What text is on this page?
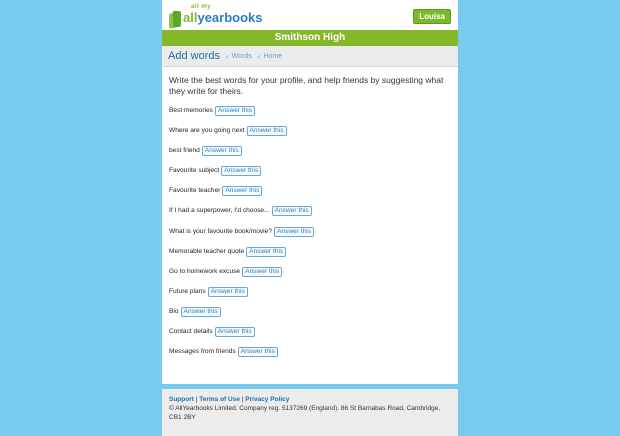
all my
allyearbooks	Louisa
Smithson High
Add words ‹ Words ‹ Home

Write the best words for your profile, and help friends by suggesting what they write for theirs.

Best memories Answer this
Where are you going next Answer this
best friend Answer this
Favourite subject Answer this
Favourite teacher Answer this
If I had a superpower, I'd choose... Answer this
What is your favourite book/movie? Answer this
Memorable teacher quote Answer this
Go to homework excuse Answer this
Future plans Answer this
Bio Answer this
Contact details Answer this
Messages from friends Answer this
Support | Terms of Use | Privacy Policy
© AllYearbooks Limited. Company reg. 5137269 (England). 86 St Barnabas Road, Cambridge, CB1 2BY
